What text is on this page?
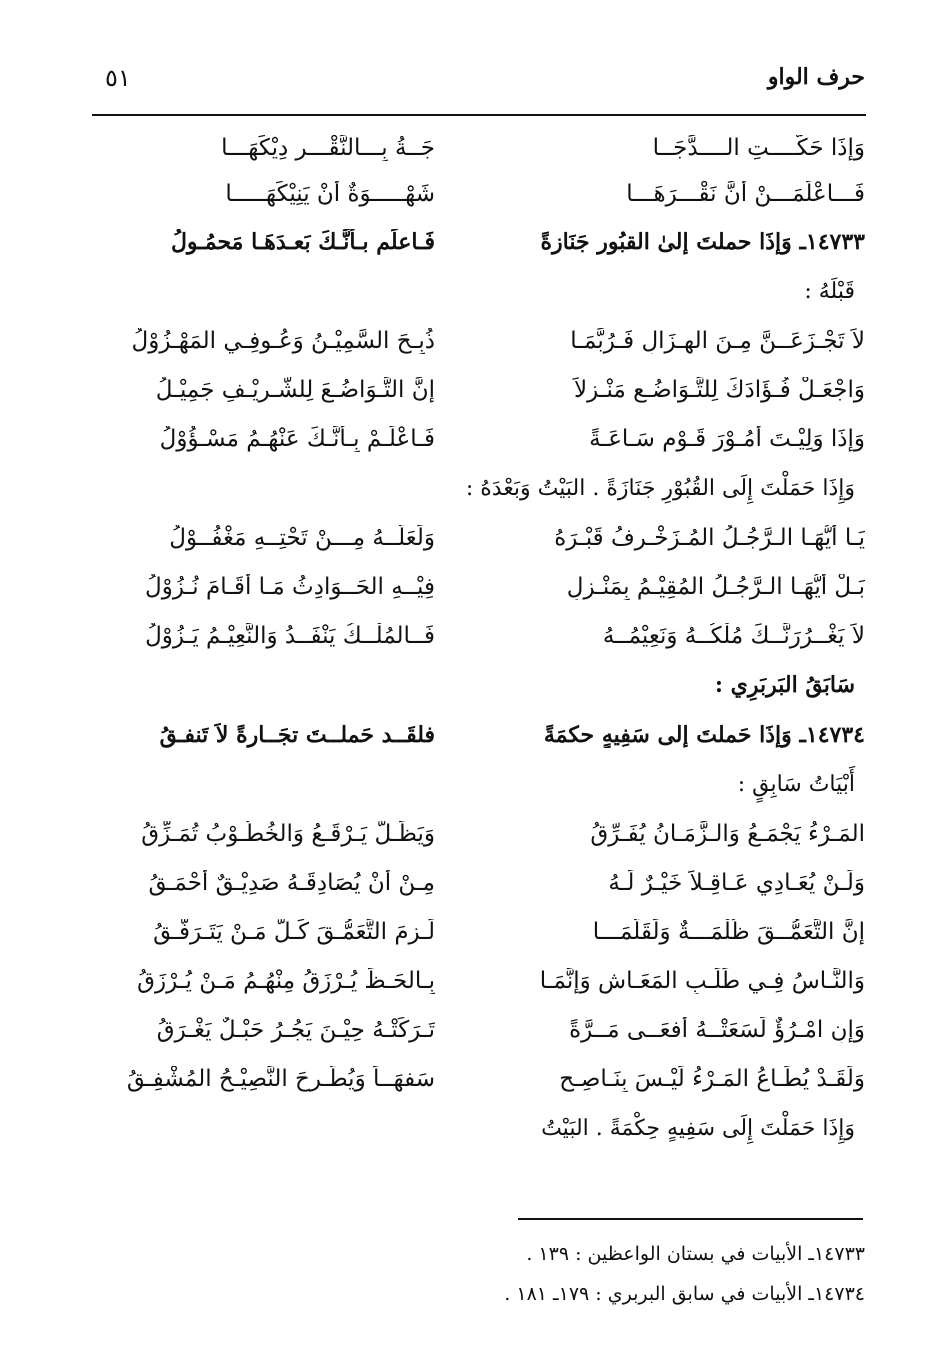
حرف الواو
٥١
وَإِذَا حَكَّــــتِ الــــدَّجَــا
جَــةُ بِـــالنَّقْـــرِ دِيْكَهَـــا
فَـــاعْلَمَـــنْ أَنَّ نَقْـــرَهَـــا
شَهْـــــوَةٌ أَنْ يَنِيْكَهَـــــا
١٤٧٣٣ـ وَإذَا حملتَ إلىٰ القبُور جَنَازةً
فَـاعلَم بـأنَّـكَ بَعـدَهَـا مَحمُـولُ
قَبْلَهُ :
لاَ تَجْـزَعَــنَّ مِـنَ الهِـزَالِ فَـرُبَّمَـا
ذُبِـحَ السَّمِيْـنُ وَعُـوفِـي المَهْـزُوْلُ
وَاجْعَـلْ فُـؤَادَكَ لِلتَّـوَاضُـعِ مَنْـزِلاً
إِنَّ التَّـوَاضُـعَ لِلشَّـرِيْـفِ جَمِيْـلُ
وَإِذَا وَلِيْـتَ أُمُـوْرَ قَـوْمٍ سَـاعَـةً
فَـاعْلَـمْ بِـأَنَّـكَ عَنْهُـمُ مَسْـؤُوْلُ
وَإِذَا حَمَلْتَ إِلَى القُبُوْرِ جَنَازَةً . البَيْتُ وَبَعْدَهُ :
يَـا أَيُّهَـا الـرَّجُـلُ المُـزَخْـرِفُ قَبْـرَهُ
وَلَعَلَّــهُ مِـــنْ تَحْتِــهِ مَغْفُــوْلُ
بَـلْ أَيُّهَـا الـرَّجُـلُ المُقِيْـمُ بِمَنْـزِلٍ
فِيْــهِ الحَــوَادِثُ مَـا أَقَـامَ نُـزُوْلُ
لاَ يَغْــرُرَنَّــكَ مُلْكُــهُ وَنَعِيْمُــهُ
فَــالمُلْــكُ يَنْفَــدُ وَالنَّعِيْـمُ يَـزُوْلُ
سَابَقُ البَربَرِي :
١٤٧٣٤ـ وَإذَا حَملتَ إلى سَفِيهٍ حكمَةً
فلقَــد حَملــتَ تجَــارةً لاَ تَنفـقُ
أَبْيَاتُ سَابِقٍ :
المَـرْءُ يَجْمَـعُ وَالـزَّمَـانُ يُفَـرِّقُ
وَيَظَـلُّ يَـرْقَـعُ وَالخُطُـوْبُ تُمَـزِّقُ
وَلَـنْ يُعَـادِي عَـاقِـلاً خَيْـرٌ لَـهُ
مِـنْ أَنْ يُصَادِقَـهُ صَدِيْـقٌ أَحْمَـقُ
إِنَّ التَّعَمُّــقَ ظُلْمَـــةٌ وَلَقَلَّمَـــا
لَـزِمَ التَّعَمُّـقَ كَـلٌّ مَـنْ يَتَـرَفَّـقُ
وَالنَّـاسُ فِـي طَلَـبِ المَعَـاشِ وَإِنَّمَـا
بِـالحَـظِّ يُـرْزَقُ مِنْهُـمُ مَـنْ يُـرْزَقُ
وَإِنِ امْـرُؤٌ لَسَعَتْــهُ أَفعَــى مَــرَّةً
تَـرَكَتْـهُ حِيْـنَ يَجُـرُ حَبْـلٌ يَغْـرَقُ
وَلَقَـدْ يُطَـاعُ المَـرْءُ لَيْـسَ بِنَـاصِـحٍ
سَفهَــاً وَيُطَّـرحَ النَّصِيْـحُ المُشْفِـقُ
وَإِذَا حَمَلْتَ إِلَى سَفِيهٍ حِكْمَةً . البَيْتُ
١٤٧٣٣ـ الأبيات في بستان الواعظين : ١٣٩ .
١٤٧٣٤ـ الأبيات في سابق البربري : ١٧٩ـ ١٨١ .
